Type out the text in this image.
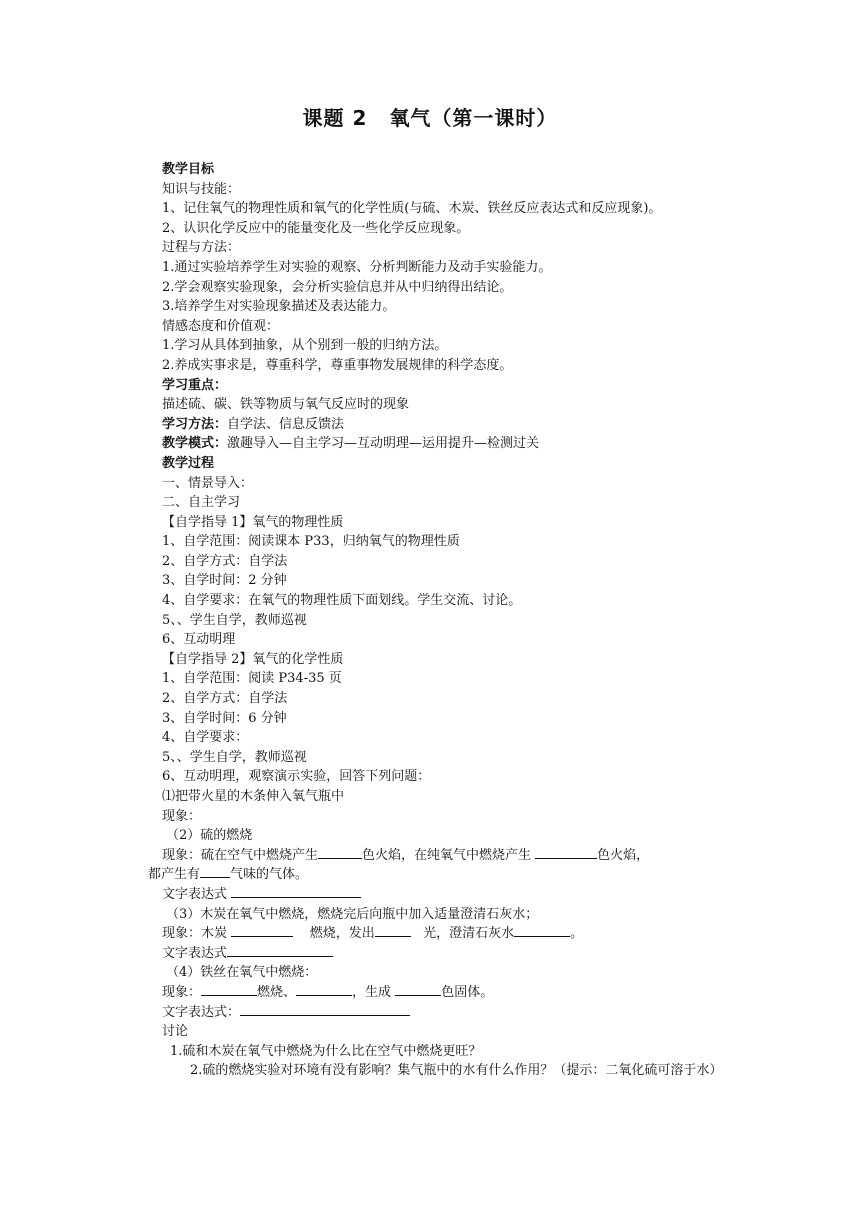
课题 2 氧气（第一课时）
教学目标
知识与技能：
1、记住氧气的物理性质和氧气的化学性质(与硫、木炭、铁丝反应表达式和反应现象)。
2、认识化学反应中的能量变化及一些化学反应现象。
过程与方法：
1.通过实验培养学生对实验的观察、分析判断能力及动手实验能力。
2.学会观察实验现象，会分析实验信息并从中归纳得出结论。
3.培养学生对实验现象描述及表达能力。
情感态度和价值观：
1.学习从具体到抽象，从个别到一般的归纳方法。
2.养成实事求是，尊重科学，尊重事物发展规律的科学态度。
学习重点：
描述硫、碳、铁等物质与氧气反应时的现象
学习方法：自学法、信息反馈法
教学模式：激趣导入—自主学习—互动明理—运用提升—检测过关
教学过程
一、情景导入：
二、自主学习
【自学指导 1】氧气的物理性质
1、自学范围：阅读课本 P33，归纳氧气的物理性质
2、自学方式：自学法
3、自学时间：2 分钟
4、自学要求：在氧气的物理性质下面划线。学生交流、讨论。
5、、学生自学，教师巡视
6、互动明理
【自学指导 2】氧气的化学性质
1、自学范围：阅读 P34-35 页
2、自学方式：自学法
3、自学时间：6 分钟
4、自学要求：
5、、学生自学，教师巡视
6、互动明理，观察演示实验，回答下列问题：
⑴把带火星的木条伸入氧气瓶中
现象：
（2）硫的燃烧
现象：硫在空气中燃烧产生	色火焰，在纯氧气中燃烧产生	色火焰，
都产生有 气味的气体。
文字表达式
（3）木炭在氧气中燃烧，燃烧完后向瓶中加入适量澄清石灰水；
现象：木炭	燃烧，发出	光，澄清石灰水	。
文字表达式
（4）铁丝在氧气中燃烧：
现象：	燃烧、	，生成	色固体。
文字表达式：
讨论
1.硫和木炭在氧气中燃烧为什么比在空气中燃烧更旺？
2.硫的燃烧实验对环境有没有影响？集气瓶中的水有什么作用？（提示：二氧化硫可溶于水）
